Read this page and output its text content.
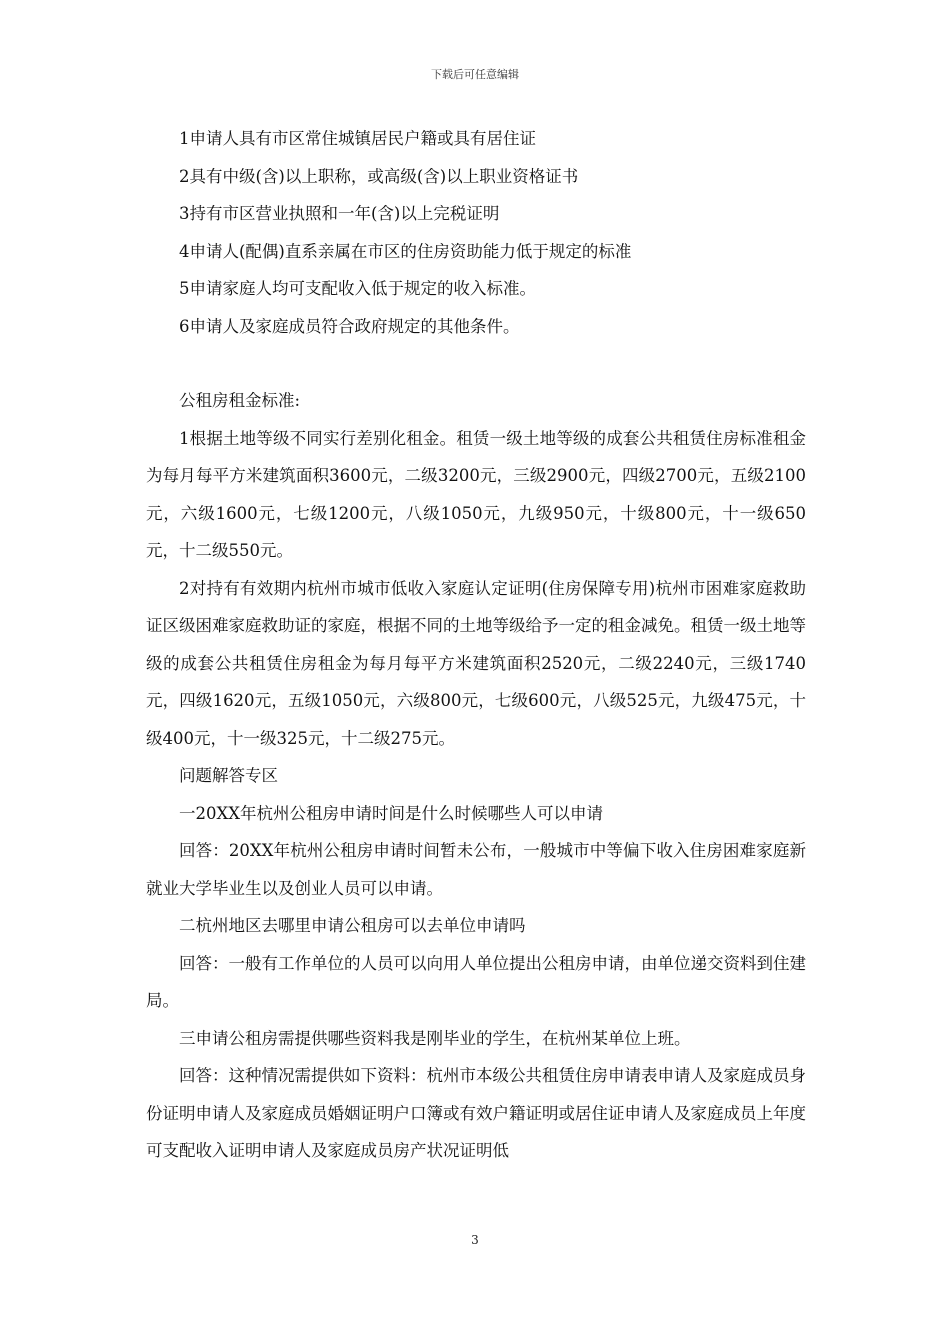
下载后可任意编辑

1申请人具有市区常住城镇居民户籍或具有居住证

2具有中级(含)以上职称，或高级(含)以上职业资格证书

3持有市区营业执照和一年(含)以上完税证明

4申请人(配偶)直系亲属在市区的住房资助能力低于规定的标准

5申请家庭人均可支配收入低于规定的收入标准。

6申请人及家庭成员符合政府规定的其他条件。

公租房租金标准:

1根据土地等级不同实行差别化租金。租赁一级土地等级的成套公共租赁住房标准租金为每月每平方米建筑面积3600元，二级3200元，三级2900元，四级2700元，五级2100元，六级1600元，七级1200元，八级1050元，九级950元，十级800元，十一级650元，十二级550元。

2对持有有效期内杭州市城市低收入家庭认定证明(住房保障专用)杭州市困难家庭救助证区级困难家庭救助证的家庭，根据不同的土地等级给予一定的租金减免。租赁一级土地等级的成套公共租赁住房租金为每月每平方米建筑面积2520元，二级2240元，三级1740元，四级1620元，五级1050元，六级800元，七级600元，八级525元，九级475元，十级400元，十一级325元，十二级275元。

问题解答专区

一20XX年杭州公租房申请时间是什么时候哪些人可以申请

回答：20XX年杭州公租房申请时间暂未公布，一般城市中等偏下收入住房困难家庭新就业大学毕业生以及创业人员可以申请。

二杭州地区去哪里申请公租房可以去单位申请吗

回答：一般有工作单位的人员可以向用人单位提出公租房申请，由单位递交资料到住建局。

三申请公租房需提供哪些资料我是刚毕业的学生，在杭州某单位上班。

回答：这种情况需提供如下资料：杭州市本级公共租赁住房申请表申请人及家庭成员身份证明申请人及家庭成员婚姻证明户口簿或有效户籍证明或居住证申请人及家庭成员上年度可支配收入证明申请人及家庭成员房产状况证明低

3
